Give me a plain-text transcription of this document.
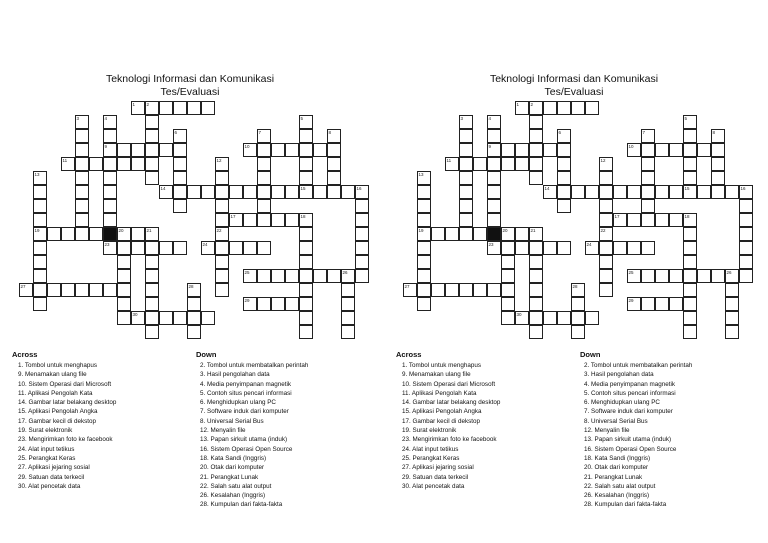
Teknologi Informasi dan Komunikasi
Tes/Evaluasi
1	2
3	4	5
6	7	8
9	10
11	12
13
14	15	16
17	18
19	20	21	22
23	24
25	26
27	28
29
30
Across
1. Tombol untuk menghapus
9. Menamakan ulang file
10. Sistem Operasi dari Microsoft
11. Aplikasi Pengolah Kata
14. Gambar latar belakang desktop
15. Aplikasi Pengolah Angka
17. Gambar kecil di dekstop
19. Surat elektronik
23. Mengirimkan foto ke facebook
24. Alat input tetikus
25. Perangkat Keras
27. Aplikasi jejaring sosial
29. Satuan data terkecil
30. Alat pencetak data
Down
2. Tombol untuk membatalkan perintah
3. Hasil pengolahan data
4. Media penyimpanan magnetik
5. Contoh situs pencari informasi
6. Menghidupkan ulang PC
7. Software induk dari komputer
8. Universal Serial Bus
12. Menyalin file
13. Papan sirkuit utama (induk)
16. Sistem Operasi Open Source
18. Kata Sandi (Inggris)
20. Otak dari komputer
21. Perangkat Lunak
22. Salah satu alat output
26. Kesalahan (Inggris)
28. Kumpulan dari fakta-fakta
Teknologi Informasi dan Komunikasi
Tes/Evaluasi
1	2
3	4	5
6	7	8
9	10
11	12
13
14	15	16
17	18
19	20	21	22
23	24
25	26
27	28
29
30
Across
1. Tombol untuk menghapus
9. Menamakan ulang file
10. Sistem Operasi dari Microsoft
11. Aplikasi Pengolah Kata
14. Gambar latar belakang desktop
15. Aplikasi Pengolah Angka
17. Gambar kecil di dekstop
19. Surat elektronik
23. Mengirimkan foto ke facebook
24. Alat input tetikus
25. Perangkat Keras
27. Aplikasi jejaring sosial
29. Satuan data terkecil
30. Alat pencetak data
Down
2. Tombol untuk membatalkan perintah
3. Hasil pengolahan data
4. Media penyimpanan magnetik
5. Contoh situs pencari informasi
6. Menghidupkan ulang PC
7. Software induk dari komputer
8. Universal Serial Bus
12. Menyalin file
13. Papan sirkuit utama (induk)
16. Sistem Operasi Open Source
18. Kata Sandi (Inggris)
20. Otak dari komputer
21. Perangkat Lunak
22. Salah satu alat output
26. Kesalahan (Inggris)
28. Kumpulan dari fakta-fakta
